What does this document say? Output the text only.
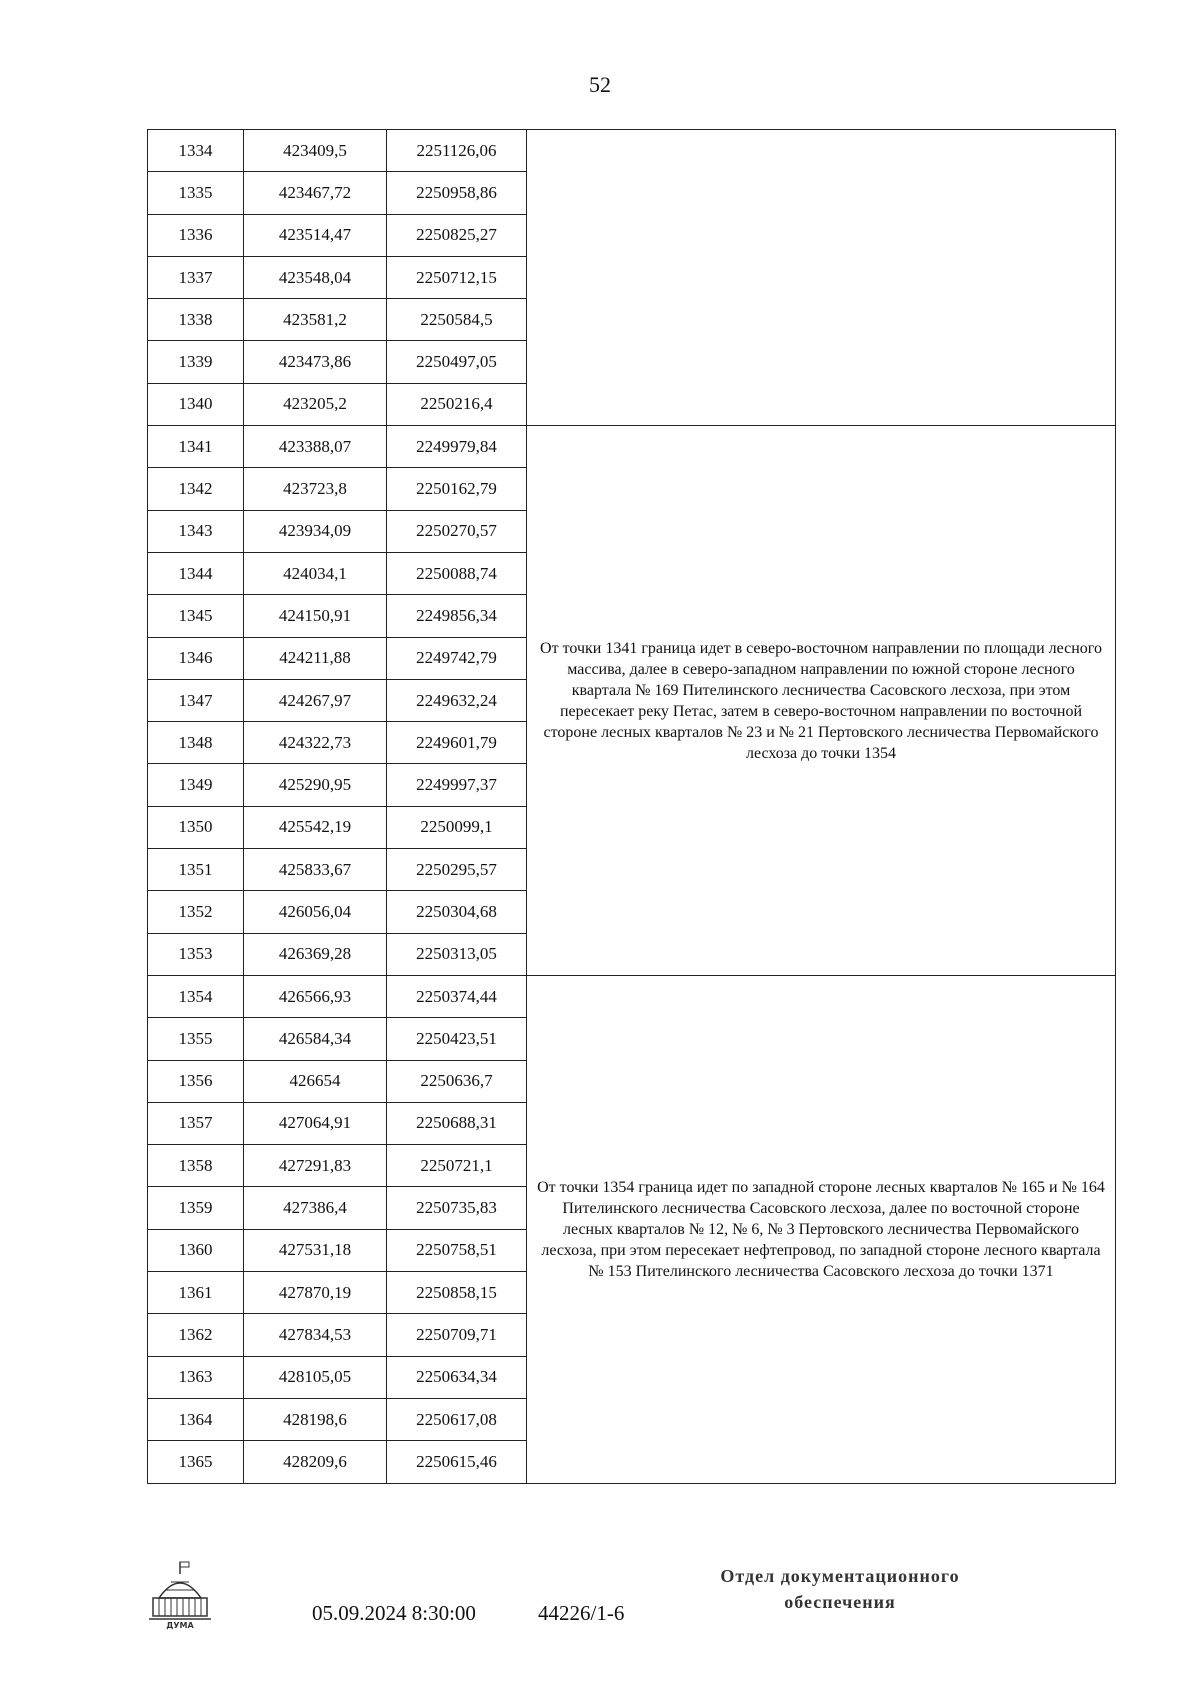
52
1334	423409,5	2251126,06	
1335	423467,72	2250958,86	
1336	423514,47	2250825,27	
1337	423548,04	2250712,15	
1338	423581,2	2250584,5	
1339	423473,86	2250497,05	
1340	423205,2	2250216,4	
1341	423388,07	2249979,84	От точки 1341 граница идет в северо-восточном направлении по площади лесного массива, далее в северо-западном направлении по южной стороне лесного квартала № 169 Пителинского лесничества Сасовского лесхоза, при этом пересекает реку Петас, затем в северо-восточном направлении по восточной стороне лесных кварталов № 23 и № 21 Пертовского лесничества Первомайского лесхоза до точки 1354
1342	423723,8	2250162,79	
1343	423934,09	2250270,57	
1344	424034,1	2250088,74	
1345	424150,91	2249856,34	
1346	424211,88	2249742,79	
1347	424267,97	2249632,24	
1348	424322,73	2249601,79	
1349	425290,95	2249997,37	
1350	425542,19	2250099,1	
1351	425833,67	2250295,57	
1352	426056,04	2250304,68	
1353	426369,28	2250313,05	
1354	426566,93	2250374,44	От точки 1354 граница идет по западной стороне лесных кварталов № 165 и № 164 Пителинского лесничества Сасовского лесхоза, далее по восточной стороне лесных кварталов № 12, № 6, № 3 Пертовского лесничества Первомайского лесхоза, при этом пересекает нефтепровод, по западной стороне лесного квартала № 153 Пителинского лесничества Сасовского лесхоза до точки 1371
1355	426584,34	2250423,51	
1356	426654	2250636,7	
1357	427064,91	2250688,31	
1358	427291,83	2250721,1	
1359	427386,4	2250735,83	
1360	427531,18	2250758,51	
1361	427870,19	2250858,15	
1362	427834,53	2250709,71	
1363	428105,05	2250634,34	
1364	428198,6	2250617,08	
1365	428209,6	2250615,46	
ДУМА
05.09.2024 8:30:00	44226/1-6
Отдел документационного обеспечения
